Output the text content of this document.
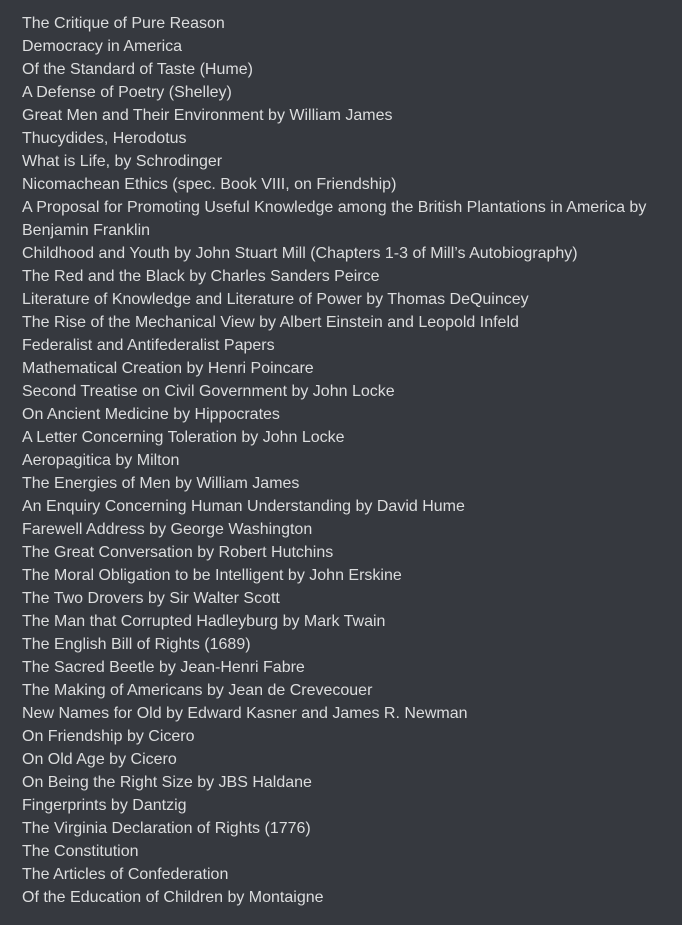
The Critique of Pure Reason
Democracy in America
Of the Standard of Taste (Hume)
A Defense of Poetry (Shelley)
Great Men and Their Environment by William James
Thucydides, Herodotus
What is Life, by Schrodinger
Nicomachean Ethics (spec. Book VIII, on Friendship)
A Proposal for Promoting Useful Knowledge among the British Plantations in America by Benjamin Franklin
Childhood and Youth by John Stuart Mill (Chapters 1-3 of Mill’s Autobiography)
The Red and the Black by Charles Sanders Peirce
Literature of Knowledge and Literature of Power by Thomas DeQuincey
The Rise of the Mechanical View by Albert Einstein and Leopold Infeld
Federalist and Antifederalist Papers
Mathematical Creation by Henri Poincare
Second Treatise on Civil Government by John Locke
On Ancient Medicine by Hippocrates
A Letter Concerning Toleration by John Locke
Aeropagitica by Milton
The Energies of Men by William James
An Enquiry Concerning Human Understanding by David Hume
Farewell Address by George Washington
The Great Conversation by Robert Hutchins
The Moral Obligation to be Intelligent by John Erskine
The Two Drovers by Sir Walter Scott
The Man that Corrupted Hadleyburg by Mark Twain
The English Bill of Rights (1689)
The Sacred Beetle by Jean-Henri Fabre
The Making of Americans by Jean de Crevecouer
New Names for Old by Edward Kasner and James R. Newman
On Friendship by Cicero
On Old Age by Cicero
On Being the Right Size by JBS Haldane
Fingerprints by Dantzig
The Virginia Declaration of Rights (1776)
The Constitution
The Articles of Confederation
Of the Education of Children by Montaigne
